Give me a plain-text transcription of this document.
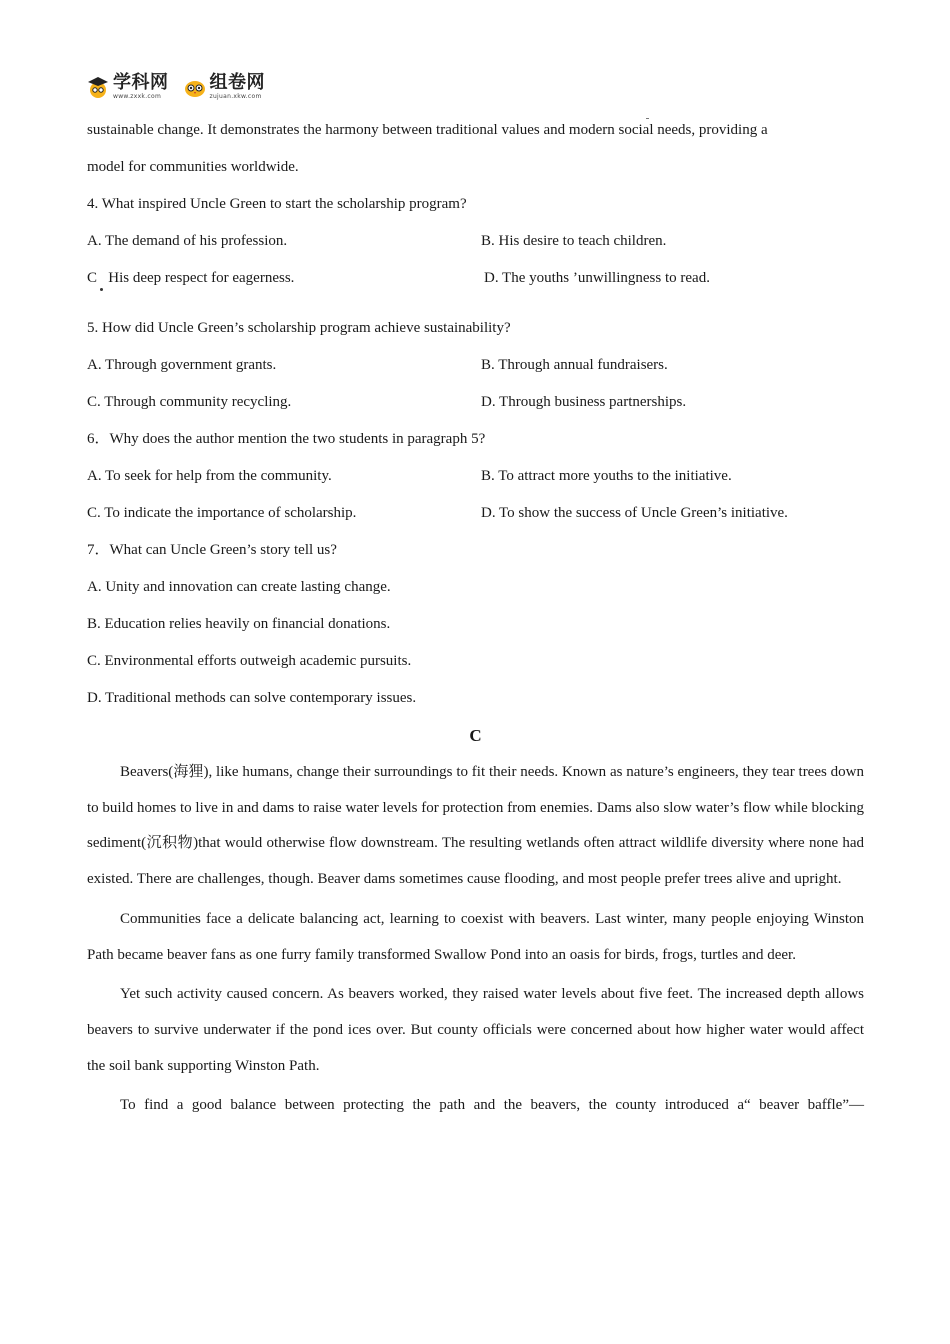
学科网
www.zxxk.com
组卷网
zujuan.xkw.com
sustainable change. It demonstrates the harmony between traditional values and modern social needs, providing a
model for communities worldwide.
4. What inspired Uncle Green to start the scholarship program?
A. The demand of his profession.	B. His desire to teach children.
C   His deep respect for eagerness.	D. The youths ’unwillingness to read.
5. How did Uncle Green’s scholarship program achieve sustainability?
A. Through government grants.	B. Through annual fundraisers.
C. Through community recycling.	D. Through business partnerships.
6．Why does the author mention the two students in paragraph 5?
A. To seek for help from the community.	B. To attract more youths to the initiative.
C. To indicate the importance of scholarship.	D. To show the success of Uncle Green’s initiative.
7．What can Uncle Green’s story tell us?
A. Unity and innovation can create lasting change.
B. Education relies heavily on financial donations.
C. Environmental efforts outweigh academic pursuits.
D. Traditional methods can solve contemporary issues.
C

Beavers(海狸), like humans, change their surroundings to fit their needs. Known as nature’s engineers, they tear trees down to build homes to live in and dams to raise water levels for protection from enemies. Dams also slow water’s flow while blocking sediment(沉积物)that would otherwise flow downstream. The resulting wetlands often attract wildlife diversity where none had existed. There are challenges, though. Beaver dams sometimes cause flooding, and most people prefer trees alive and upright.

Communities face a delicate balancing act, learning to coexist with beavers. Last winter, many people enjoying Winston Path became beaver fans as one furry family transformed Swallow Pond into an oasis for birds, frogs, turtles and deer.

Yet such activity caused concern. As beavers worked, they raised water levels about five feet. The increased depth allows beavers to survive underwater if the pond ices over. But county officials were concerned about how higher water would affect the soil bank supporting Winston Path.

To find a good balance between protecting the path and the beavers, the county introduced a“ beaver baffle”—
